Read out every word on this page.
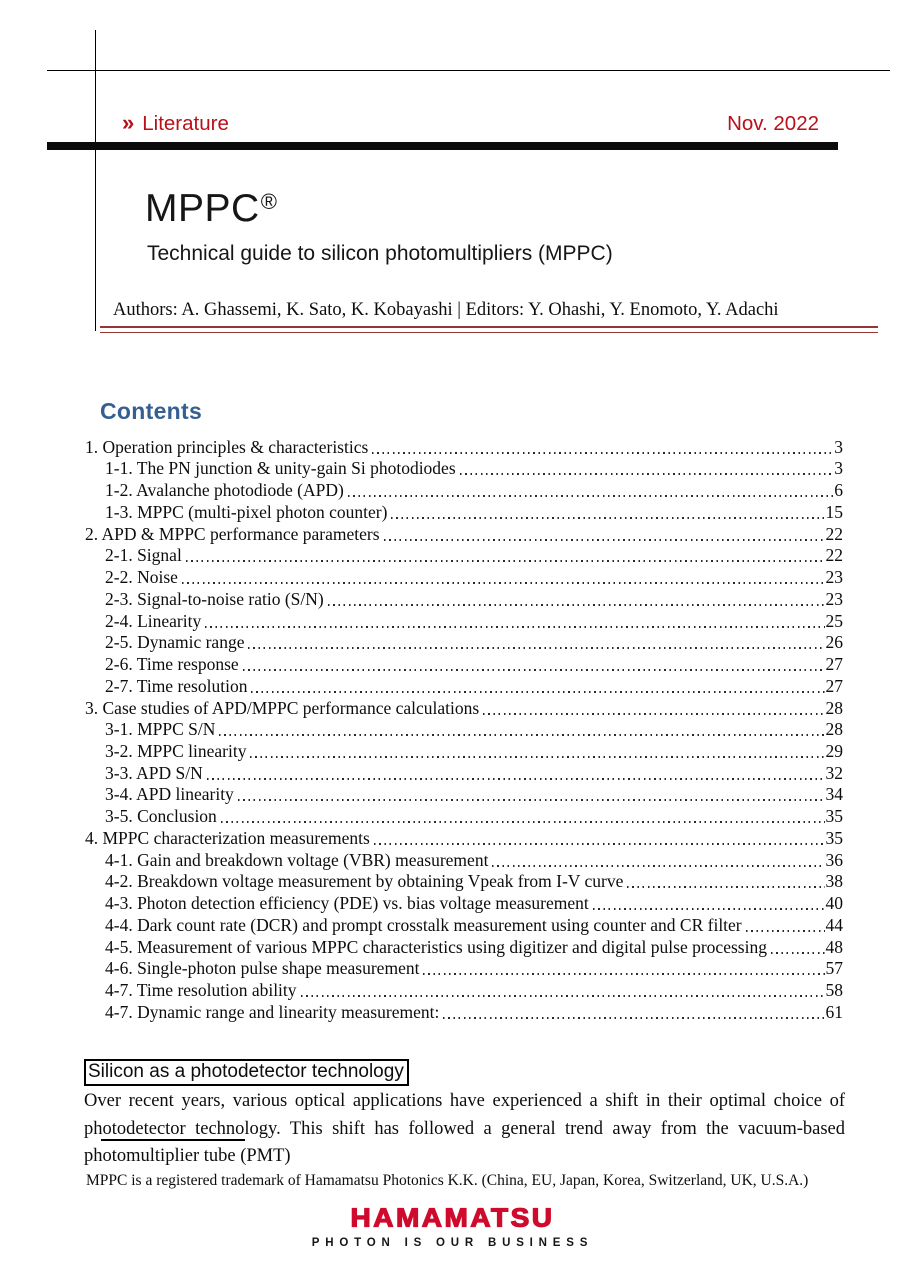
» Literature	Nov. 2022
MPPC®
Technical guide to silicon photomultipliers (MPPC)
Authors: A. Ghassemi, K. Sato, K. Kobayashi | Editors: Y. Ohashi, Y. Enomoto, Y. Adachi
Contents
1. Operation principles & characteristics	3
1-1. The PN junction & unity-gain Si photodiodes	3
1-2. Avalanche photodiode (APD)	6
1-3. MPPC (multi-pixel photon counter)	15
2. APD & MPPC performance parameters	22
2-1. Signal	22
2-2. Noise	23
2-3. Signal-to-noise ratio (S/N)	23
2-4. Linearity	25
2-5. Dynamic range	26
2-6. Time response	27
2-7. Time resolution	27
3. Case studies of APD/MPPC performance calculations	28
3-1. MPPC S/N	28
3-2. MPPC linearity	29
3-3. APD S/N	32
3-4. APD linearity	34
3-5. Conclusion	35
4. MPPC characterization measurements	35
4-1. Gain and breakdown voltage (VBR) measurement	36
4-2. Breakdown voltage measurement by obtaining Vpeak from I-V curve	38
4-3. Photon detection efficiency (PDE) vs. bias voltage measurement	40
4-4. Dark count rate (DCR) and prompt crosstalk measurement using counter and CR filter	44
4-5. Measurement of various MPPC characteristics using digitizer and digital pulse processing	48
4-6. Single-photon pulse shape measurement	57
4-7. Time resolution ability	58
4-7. Dynamic range and linearity measurement:	61
Silicon as a photodetector technology
Over recent years, various optical applications have experienced a shift in their optimal choice of photodetector technology. This shift has followed a general trend away from the vacuum-based photomultiplier tube (PMT)
MPPC is a registered trademark of Hamamatsu Photonics K.K. (China, EU, Japan, Korea, Switzerland, UK, U.S.A.)
HAMAMATSU
PHOTON IS OUR BUSINESS
